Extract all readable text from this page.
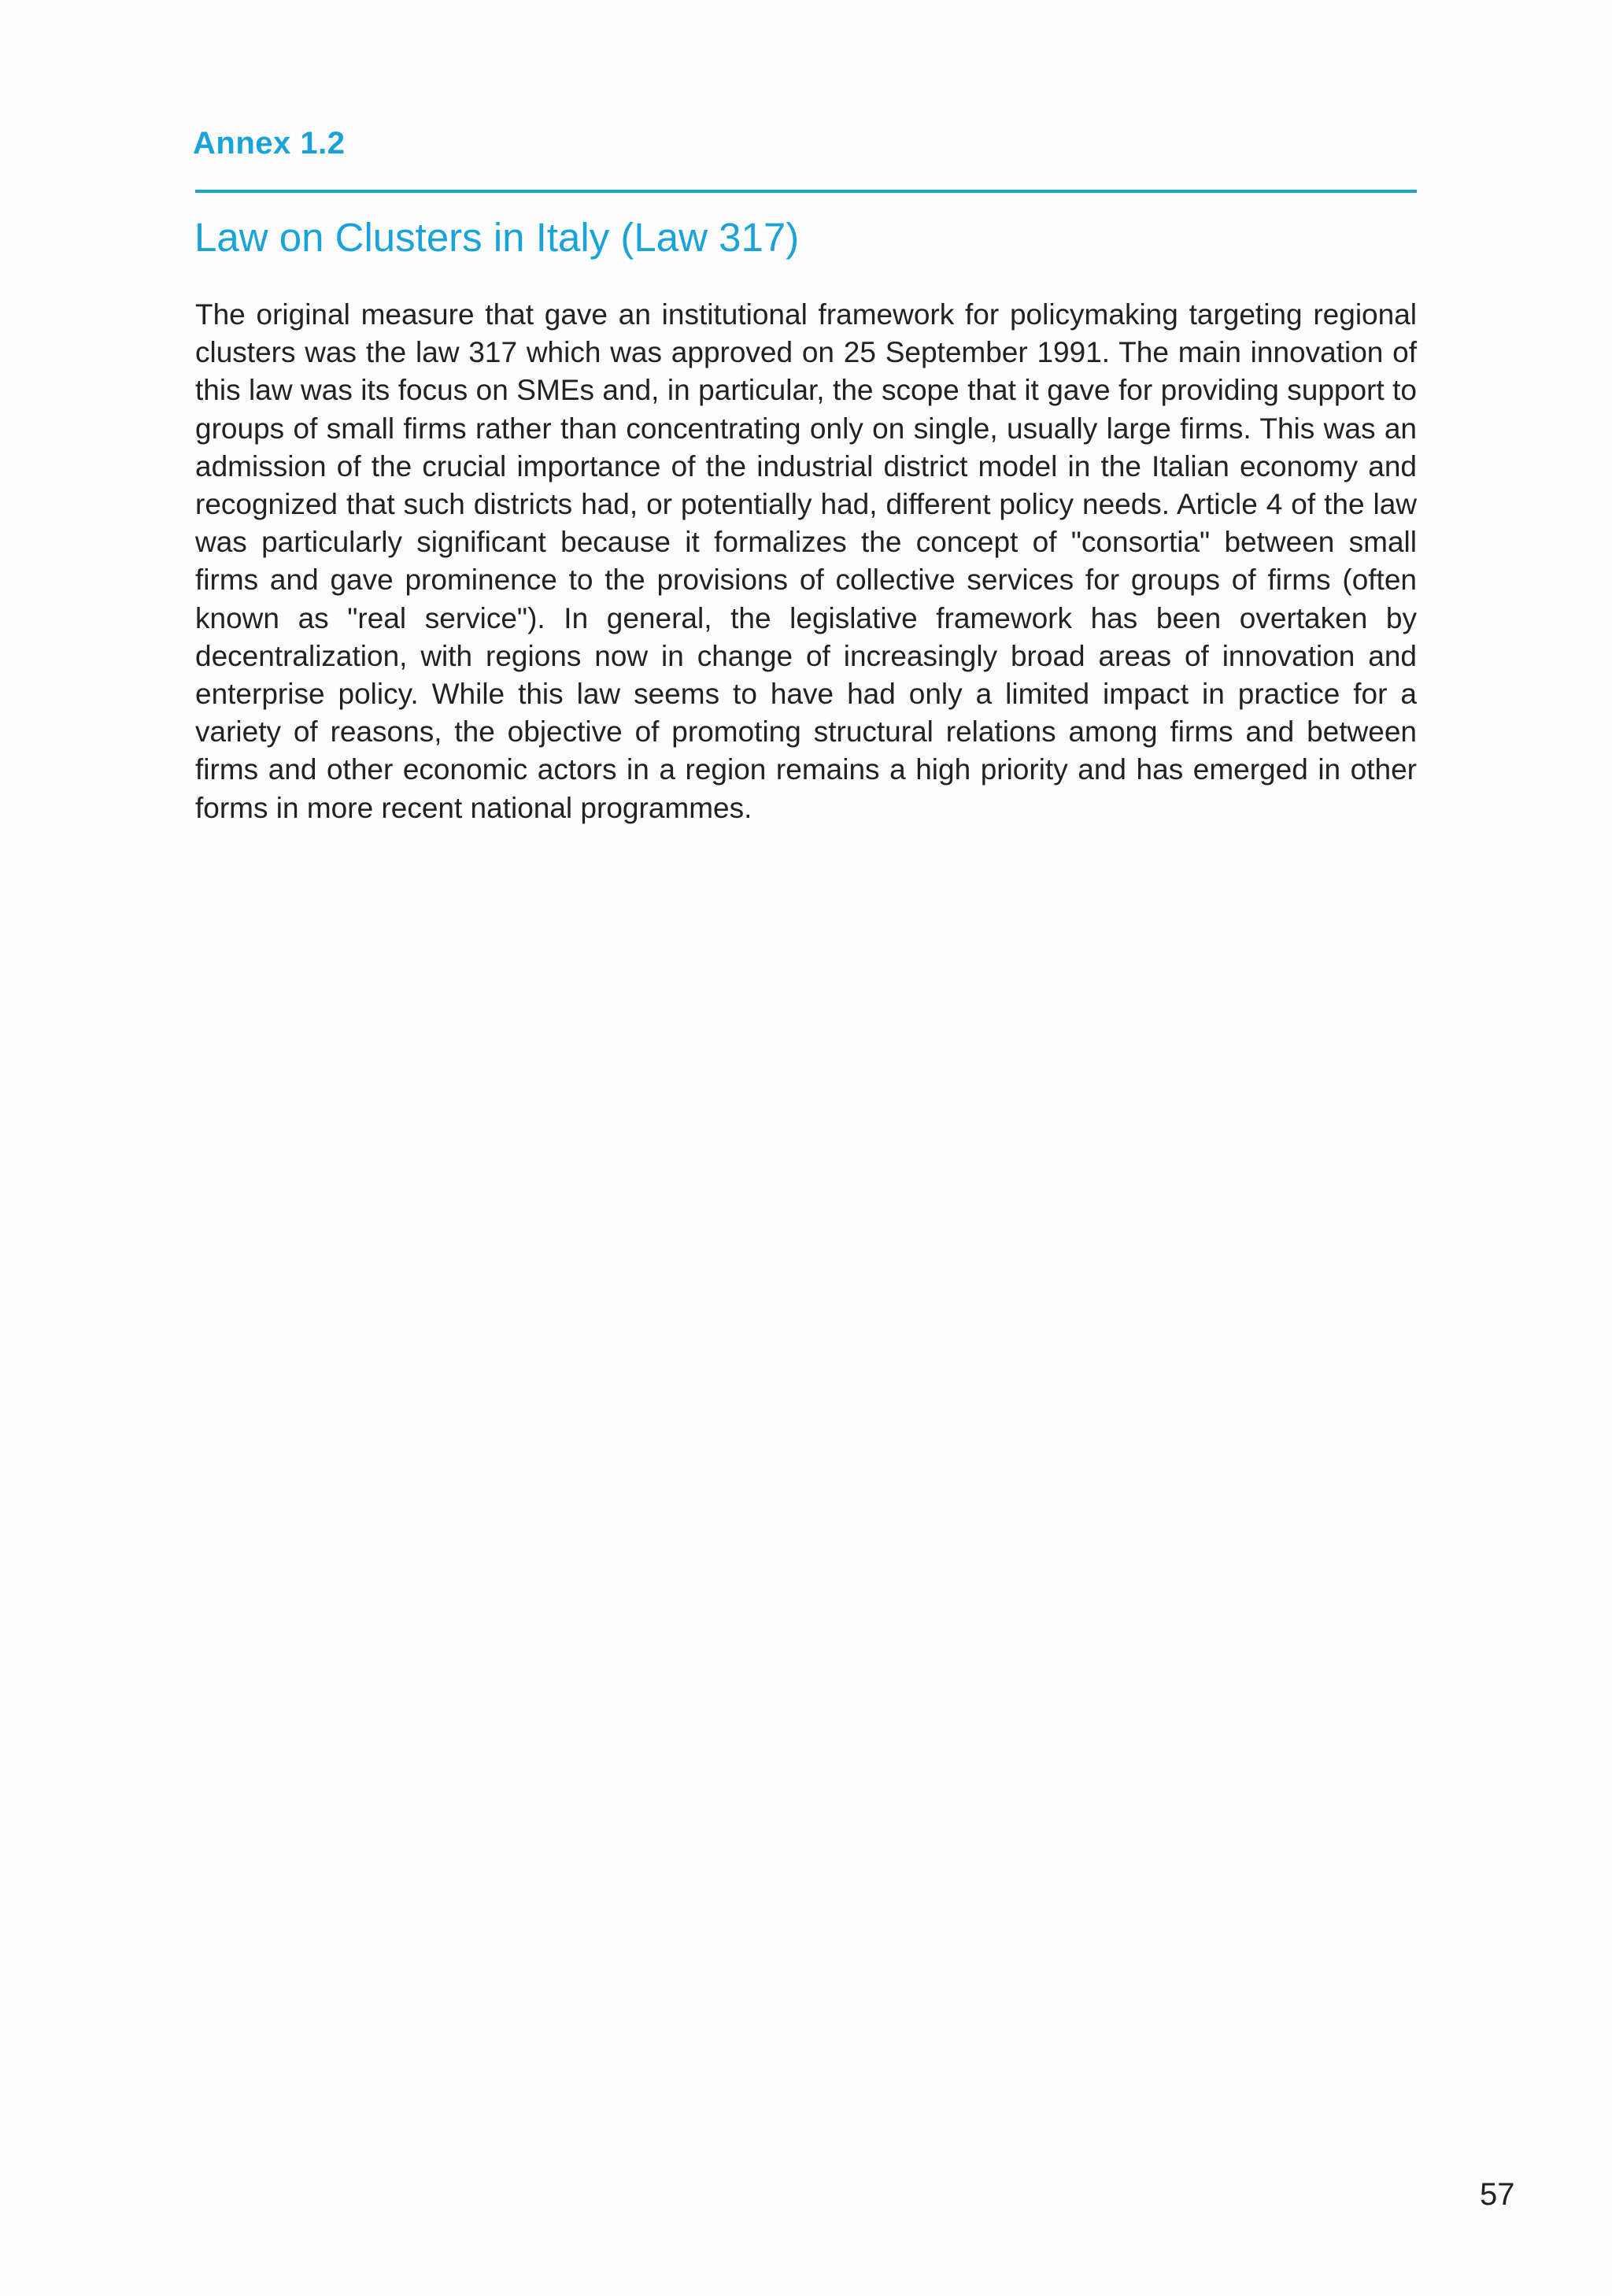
Annex 1.2
Law on Clusters in Italy (Law 317)

The original measure that gave an institutional framework for policymaking targeting regional clusters was the law 317 which was approved on 25 September 1991. The main innovation of this law was its focus on SMEs and, in particular, the scope that it gave for providing support to groups of small firms rather than concentrating only on single, usually large firms. This was an admission of the crucial importance of the industrial district model in the Italian economy and recognized that such districts had, or potentially had, different policy needs. Article 4 of the law was particularly significant because it formalizes the concept of "consortia" between small firms and gave prominence to the provisions of collective services for groups of firms (often known as "real service"). In general, the legislative framework has been overtaken by decentralization, with regions now in change of increasingly broad areas of innovation and enterprise policy. While this law seems to have had only a limited impact in practice for a variety of reasons, the objective of promoting structural relations among firms and between firms and other economic actors in a region remains a high priority and has emerged in other forms in more recent national programmes.

57
